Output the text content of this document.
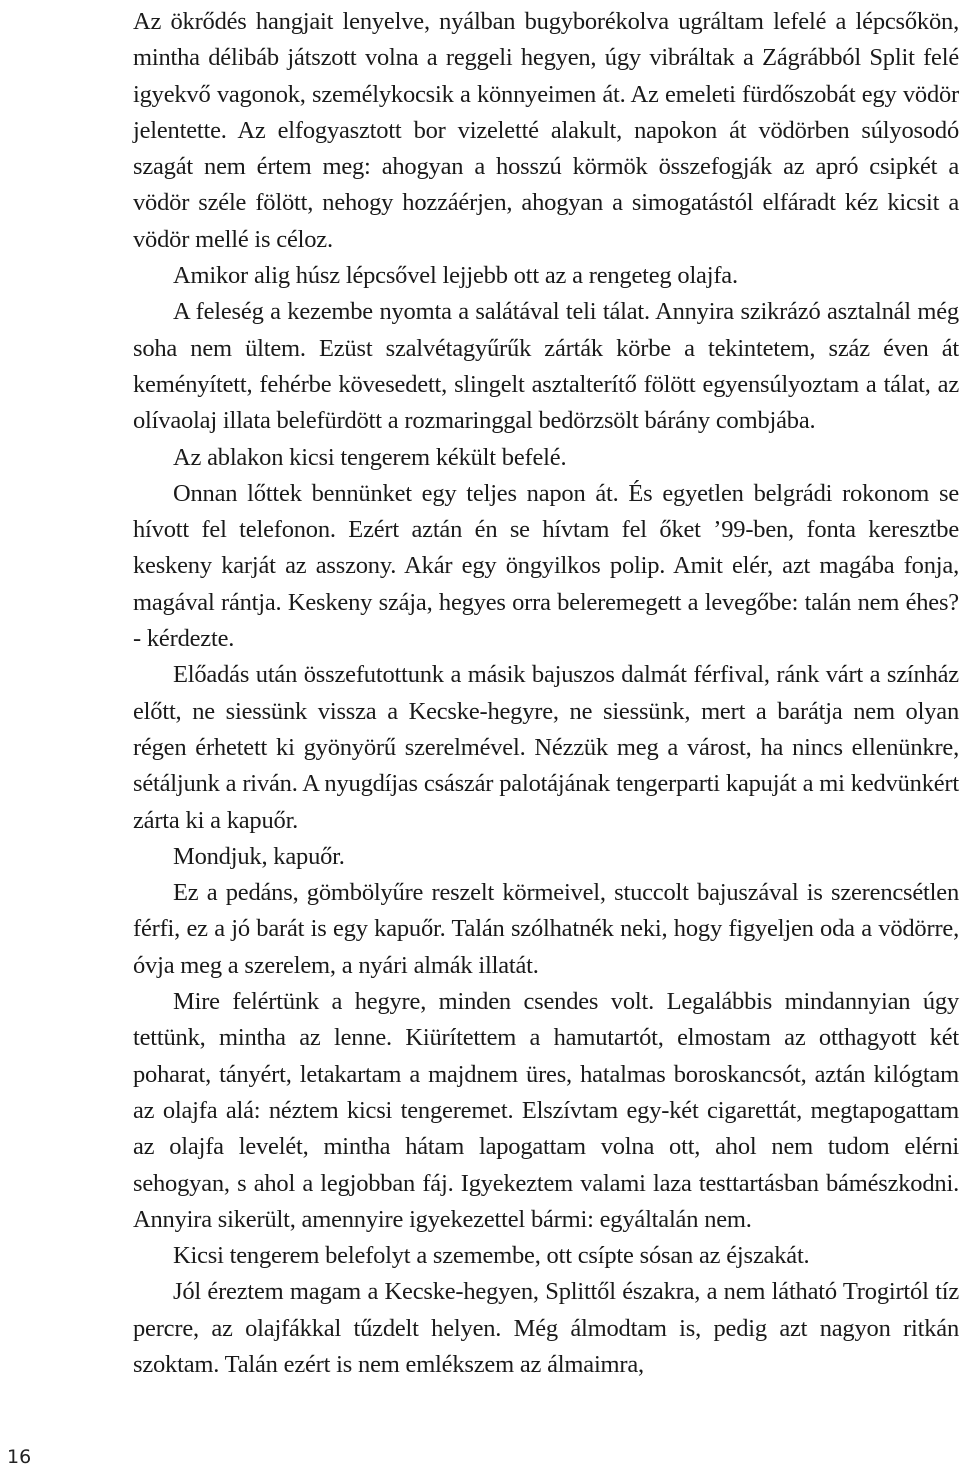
Az ökrődés hangjait lenyelve, nyálban bugyborékolva ugráltam lefelé a lépcsőkön, mintha délibáb játszott volna a reggeli hegyen, úgy vibráltak a Zágrábból Split felé igyekvő vagonok, személykocsik a könnyeimen át. Az emeleti fürdőszobát egy vödör jelentette. Az elfogyasztott bor vizeletté alakult, napokon át vödörben súlyosodó szagát nem értem meg: ahogyan a hosszú körmök összefogják az apró csipkét a vödör széle fölött, nehogy hozzáérjen, ahogyan a simogatástól elfáradt kéz kicsit a vödör mellé is céloz.

Amikor alig húsz lépcsővel lejjebb ott az a rengeteg olajfa.

A feleség a kezembe nyomta a salátával teli tálat. Annyira szikrázó asztalnál még soha nem ültem. Ezüst szalvétagyűrűk zárták körbe a tekintetem, száz éven át keményített, fehérbe kövesedett, slingelt asztalterítő fölött egyensúlyoztam a tálat, az olívaolaj illata belefürdött a rozmaringgal bedörzsölt bárány combjába.

Az ablakon kicsi tengerem kékült befelé.

Onnan lőttek bennünket egy teljes napon át. És egyetlen belgrádi rokonom se hívott fel telefonon. Ezért aztán én se hívtam fel őket ’99-ben, fonta keresztbe keskeny karját az asszony. Akár egy öngyilkos polip. Amit elér, azt magába fonja, magával rántja. Keskeny szája, hegyes orra beleremegett a levegőbe: talán nem éhes? - kérdezte.

Előadás után összefutottunk a másik bajuszos dalmát férfival, ránk várt a színház előtt, ne siessünk vissza a Kecske-hegyre, ne siessünk, mert a barátja nem olyan régen érhetett ki gyönyörű szerelmével. Nézzük meg a várost, ha nincs ellenünkre, sétáljunk a riván. A nyugdíjas császár palotájának tengerparti kapuját a mi kedvünkért zárta ki a kapuőr.

Mondjuk, kapuőr.

Ez a pedáns, gömbölyűre reszelt körmeivel, stuccolt bajuszával is szerencsétlen férfi, ez a jó barát is egy kapuőr. Talán szólhatnék neki, hogy figyeljen oda a vödörre, óvja meg a szerelem, a nyári almák illatát.

Mire felértünk a hegyre, minden csendes volt. Legalábbis mindannyian úgy tettünk, mintha az lenne. Kiürítettem a hamutartót, elmostam az otthagyott két poharat, tányért, letakartam a majdnem üres, hatalmas boroskancsót, aztán kilógtam az olajfa alá: néztem kicsi tengeremet. Elszívtam egy-két cigarettát, megtapogattam az olajfa levelét, mintha hátam lapogattam volna ott, ahol nem tudom elérni sehogyan, s ahol a legjobban fáj. Igyekeztem valami laza testtartásban bámészkodni. Annyira sikerült, amennyire igyekezettel bármi: egyáltalán nem.

Kicsi tengerem belefolyt a szemembe, ott csípte sósan az éjszakát.

Jól éreztem magam a Kecske-hegyen, Splittől északra, a nem látható Trogirtól tíz percre, az olajfákkal tűzdelt helyen. Még álmodtam is, pedig azt nagyon ritkán szoktam. Talán ezért is nem emlékszem az álmaimra,

16
